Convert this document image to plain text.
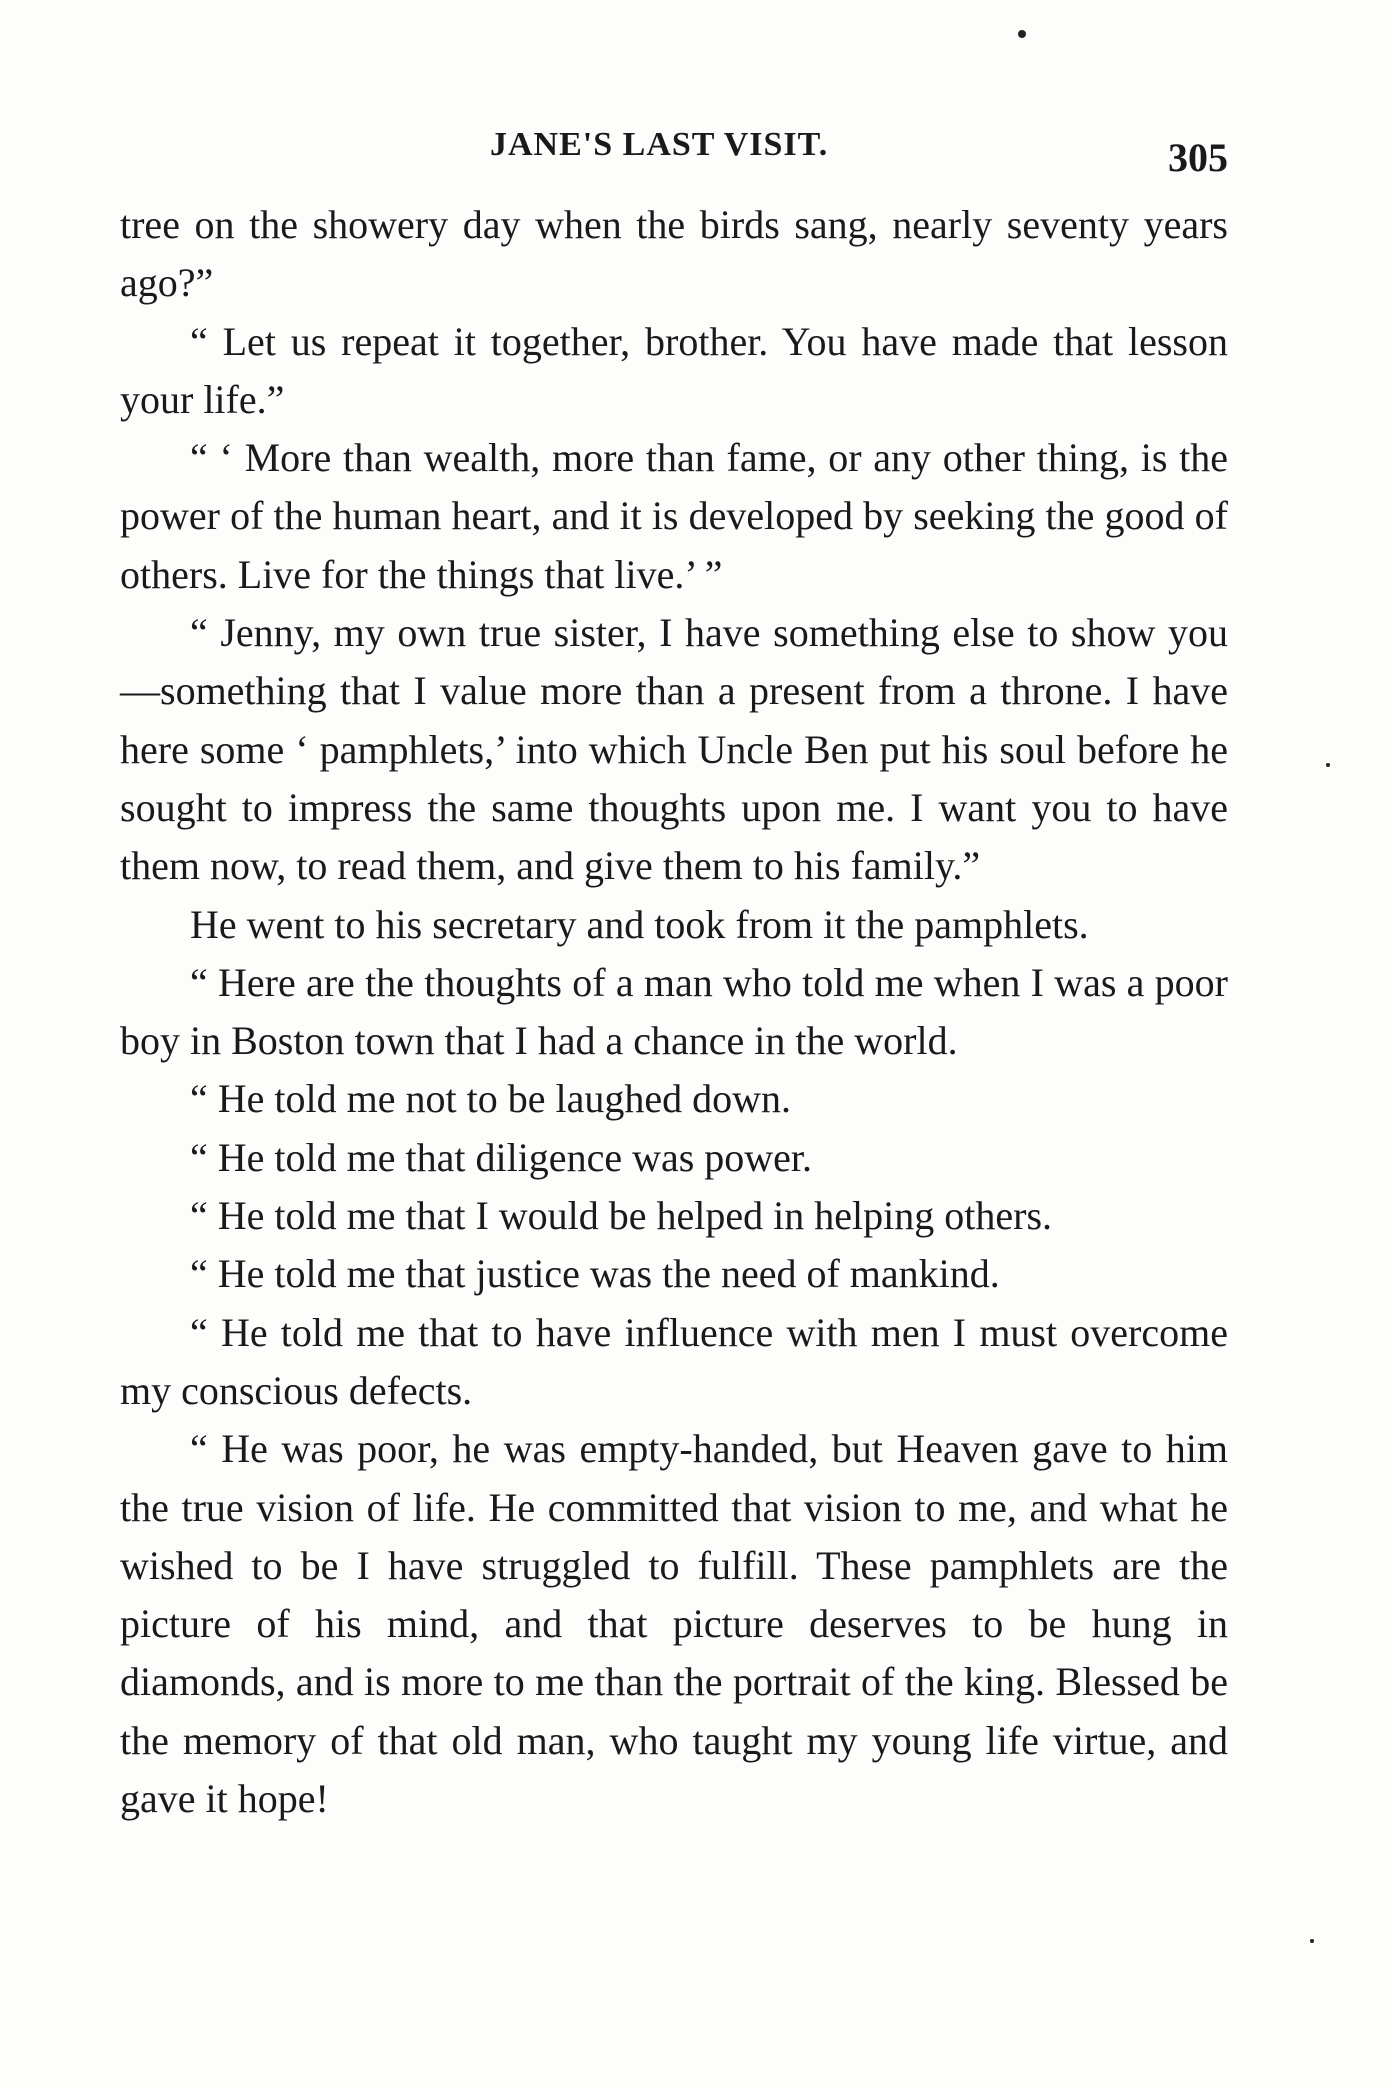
JANE'S LAST VISIT.	305

tree on the showery day when the birds sang, nearly seventy years ago?”

“ Let us repeat it together, brother. You have made that lesson your life.”

“ ‘ More than wealth, more than fame, or any other thing, is the power of the human heart, and it is developed by seeking the good of others. Live for the things that live.’ ”

“ Jenny, my own true sister, I have something else to show you—something that I value more than a present from a throne. I have here some ‘ pamphlets,’ into which Uncle Ben put his soul before he sought to impress the same thoughts upon me. I want you to have them now, to read them, and give them to his family.”

He went to his secretary and took from it the pamphlets.

“ Here are the thoughts of a man who told me when I was a poor boy in Boston town that I had a chance in the world.

“ He told me not to be laughed down.

“ He told me that diligence was power.

“ He told me that I would be helped in helping others.

“ He told me that justice was the need of mankind.

“ He told me that to have influence with men I must overcome my conscious defects.

“ He was poor, he was empty-handed, but Heaven gave to him the true vision of life. He committed that vision to me, and what he wished to be I have struggled to fulfill. These pamphlets are the picture of his mind, and that picture deserves to be hung in diamonds, and is more to me than the portrait of the king. Blessed be the memory of that old man, who taught my young life virtue, and gave it hope!
